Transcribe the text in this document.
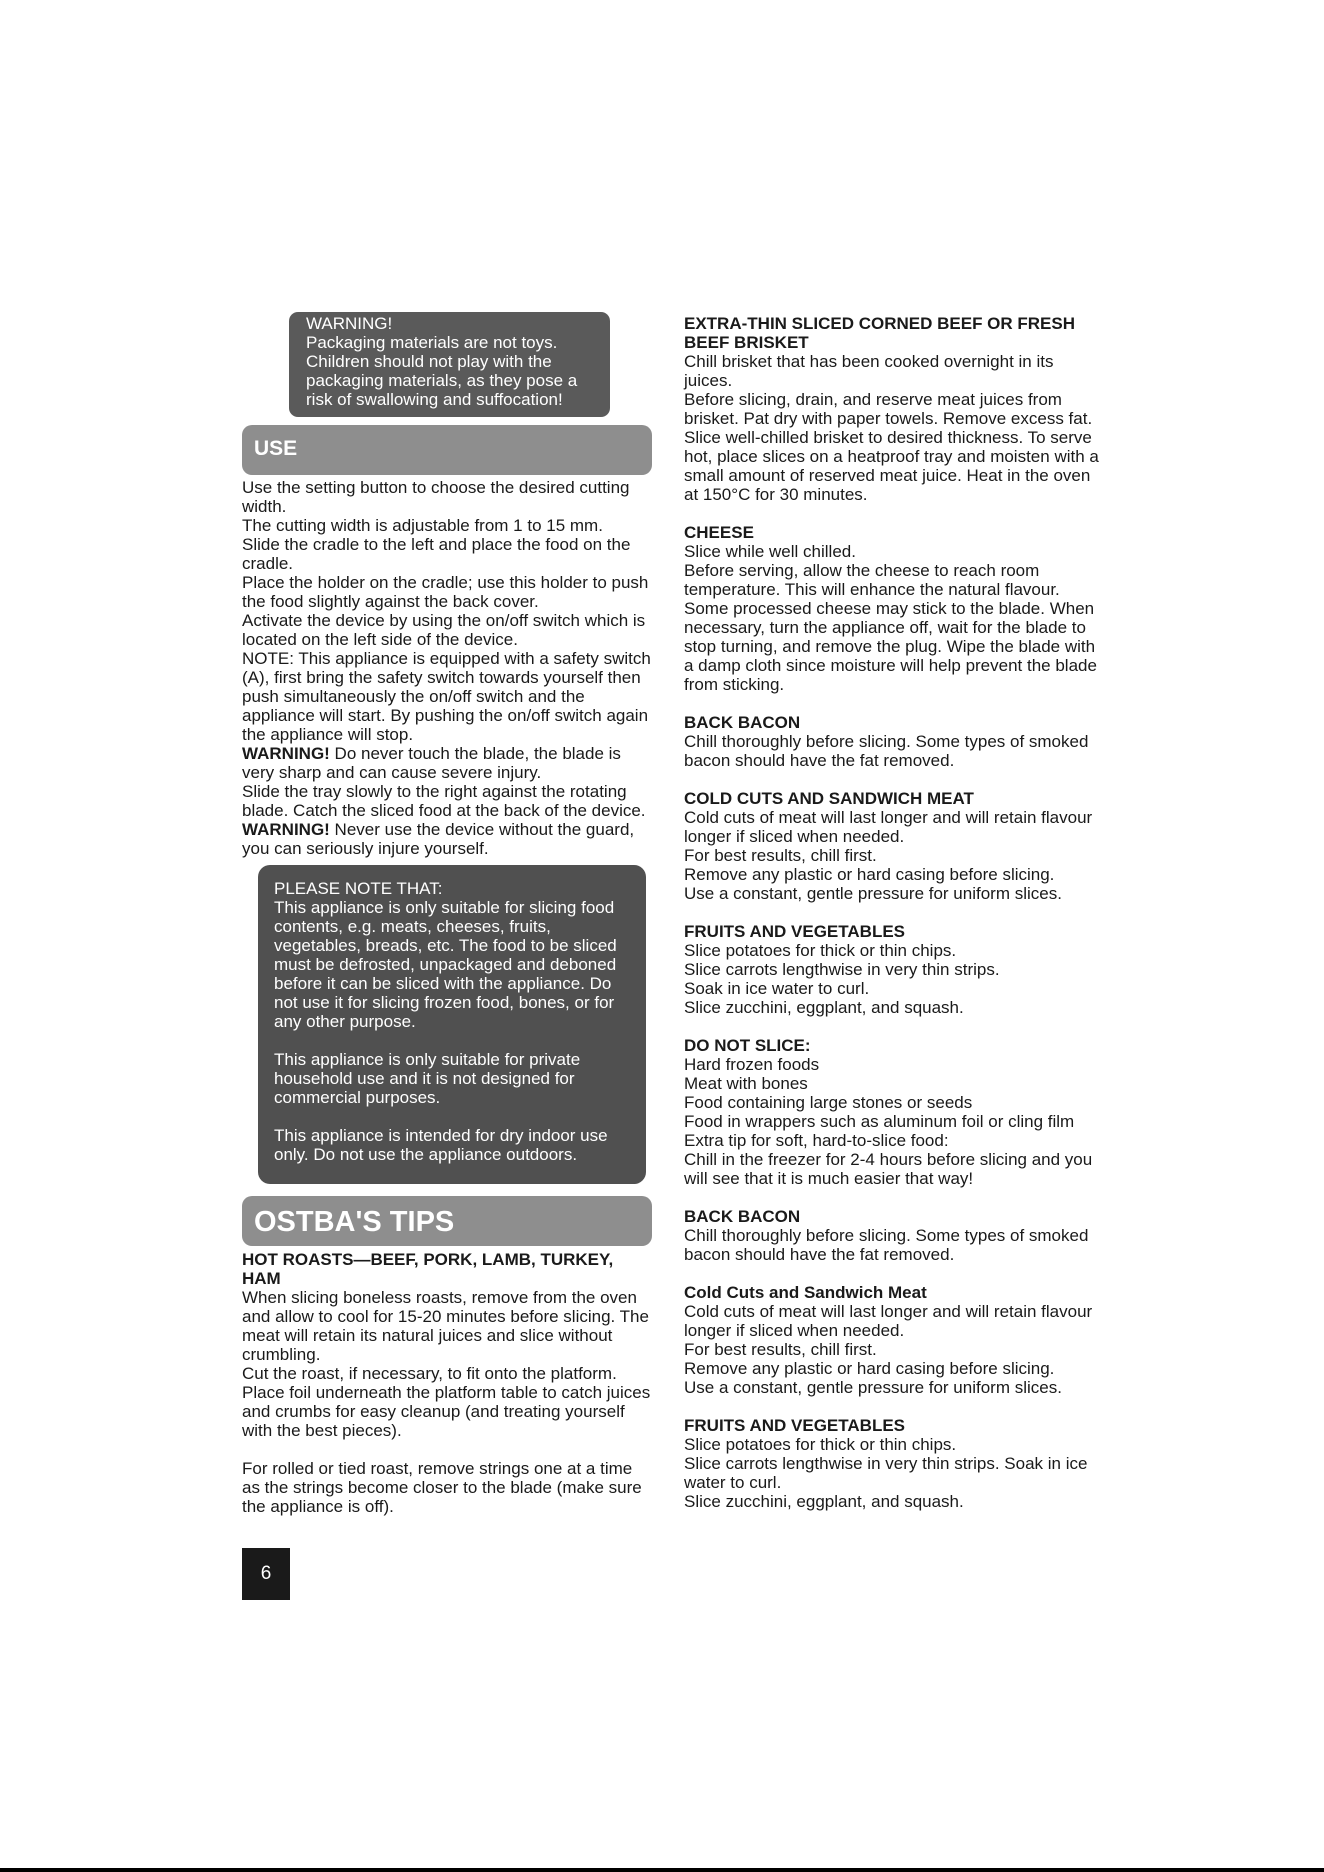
WARNING!
Packaging materials are not toys. Children should not play with the packaging materials, as they pose a risk of swallowing and suffocation!
USE

Use the setting button to choose the desired cutting width.

The cutting width is adjustable from 1 to 15 mm.

Slide the cradle to the left and place the food on the cradle.

Place the holder on the cradle; use this holder to push the food slightly against the back cover.

Activate the device by using the on/off switch which is located on the left side of the device.

NOTE: This appliance is equipped with a safety switch (A), first bring the safety switch towards yourself then push simultaneously the on/off switch and the appliance will start. By pushing the on/off switch again the appliance will stop.

WARNING! Do never touch the blade, the blade is very sharp and can cause severe injury.

Slide the tray slowly to the right against the rotating blade. Catch the sliced food at the back of the device.

WARNING! Never use the device without the guard, you can seriously injure yourself.

PLEASE NOTE THAT:
This appliance is only suitable for slicing food contents, e.g. meats, cheeses, fruits, vegetables, breads, etc. The food to be sliced must be defrosted, unpackaged and deboned before it can be sliced with the appliance. Do not use it for slicing frozen food, bones, or for any other purpose.

This appliance is only suitable for private household use and it is not designed for commercial purposes.

This appliance is intended for dry indoor use only. Do not use the appliance outdoors.

OSTBA'S TIPS

HOT ROASTS—BEEF, PORK, LAMB, TURKEY, HAM

When slicing boneless roasts, remove from the oven and allow to cool for 15-20 minutes before slicing. The meat will retain its natural juices and slice without crumbling.

Cut the roast, if necessary, to fit onto the platform. Place foil underneath the platform table to catch juices and crumbs for easy cleanup (and treating yourself with the best pieces).

For rolled or tied roast, remove strings one at a time as the strings become closer to the blade (make sure the appliance is off).

EXTRA-THIN SLICED CORNED BEEF OR FRESH BEEF BRISKET

Chill brisket that has been cooked overnight in its juices.

Before slicing, drain, and reserve meat juices from brisket. Pat dry with paper towels. Remove excess fat. Slice well-chilled brisket to desired thickness. To serve hot, place slices on a heatproof tray and moisten with a small amount of reserved meat juice. Heat in the oven at 150°C for 30 minutes.

CHEESE

Slice while well chilled.

Before serving, allow the cheese to reach room temperature. This will enhance the natural flavour. Some processed cheese may stick to the blade. When necessary, turn the appliance off, wait for the blade to stop turning, and remove the plug. Wipe the blade with a damp cloth since moisture will help prevent the blade from sticking.

BACK BACON

Chill thoroughly before slicing. Some types of smoked bacon should have the fat removed.

COLD CUTS AND SANDWICH MEAT

Cold cuts of meat will last longer and will retain flavour longer if sliced when needed.

For best results, chill first.

Remove any plastic or hard casing before slicing.

Use a constant, gentle pressure for uniform slices.

FRUITS AND VEGETABLES

Slice potatoes for thick or thin chips.

Slice carrots lengthwise in very thin strips.

Soak in ice water to curl.

Slice zucchini, eggplant, and squash.

DO NOT SLICE:

Hard frozen foods

Meat with bones

Food containing large stones or seeds

Food in wrappers such as aluminum foil or cling film

Extra tip for soft, hard-to-slice food:

Chill in the freezer for 2-4 hours before slicing and you will see that it is much easier that way!

BACK BACON

Chill thoroughly before slicing. Some types of smoked

bacon should have the fat removed.

Cold Cuts and Sandwich Meat

Cold cuts of meat will last longer and will retain flavour longer if sliced when needed.

For best results, chill first.

Remove any plastic or hard casing before slicing.

Use a constant, gentle pressure for uniform slices.

FRUITS AND VEGETABLES

Slice potatoes for thick or thin chips.

Slice carrots lengthwise in very thin strips. Soak in ice water to curl.

Slice zucchini, eggplant, and squash.

6
